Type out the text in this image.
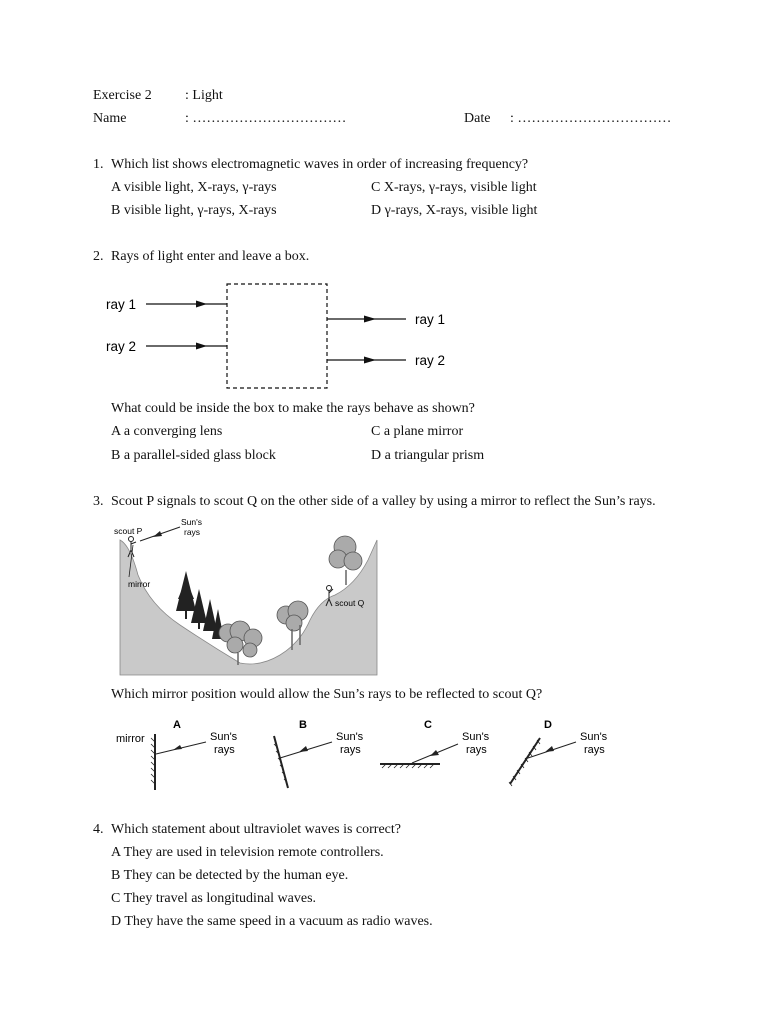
Exercise 2 : Light
Name	: ……………………………	Date : ……………………………
1. Which list shows electromagnetic waves in order of increasing frequency?
A visible light, X-rays, γ-rays	C X-rays, γ-rays, visible light
B visible light, γ-rays, X-rays	D γ-rays, X-rays, visible light
2. Rays of light enter and leave a box.
ray 1
ray 2
ray 1
ray 2
What could be inside the box to make the rays behave as shown?
A a converging lens	C a plane mirror
B a parallel-sided glass block	D a triangular prism
3. Scout P signals to scout Q on the other side of a valley by using a mirror to reflect the Sun’s rays.
scout P
Sun's
rays
mirror
scout Q
Which mirror position would allow the Sun’s rays to be reflected to scout Q?
A
mirror	Sun's
rays
B
Sun's
rays
C
Sun's
rays
D
Sun's
rays
4. Which statement about ultraviolet waves is correct?
A They are used in television remote controllers.
B They can be detected by the human eye.
C They travel as longitudinal waves.
D They have the same speed in a vacuum as radio waves.
